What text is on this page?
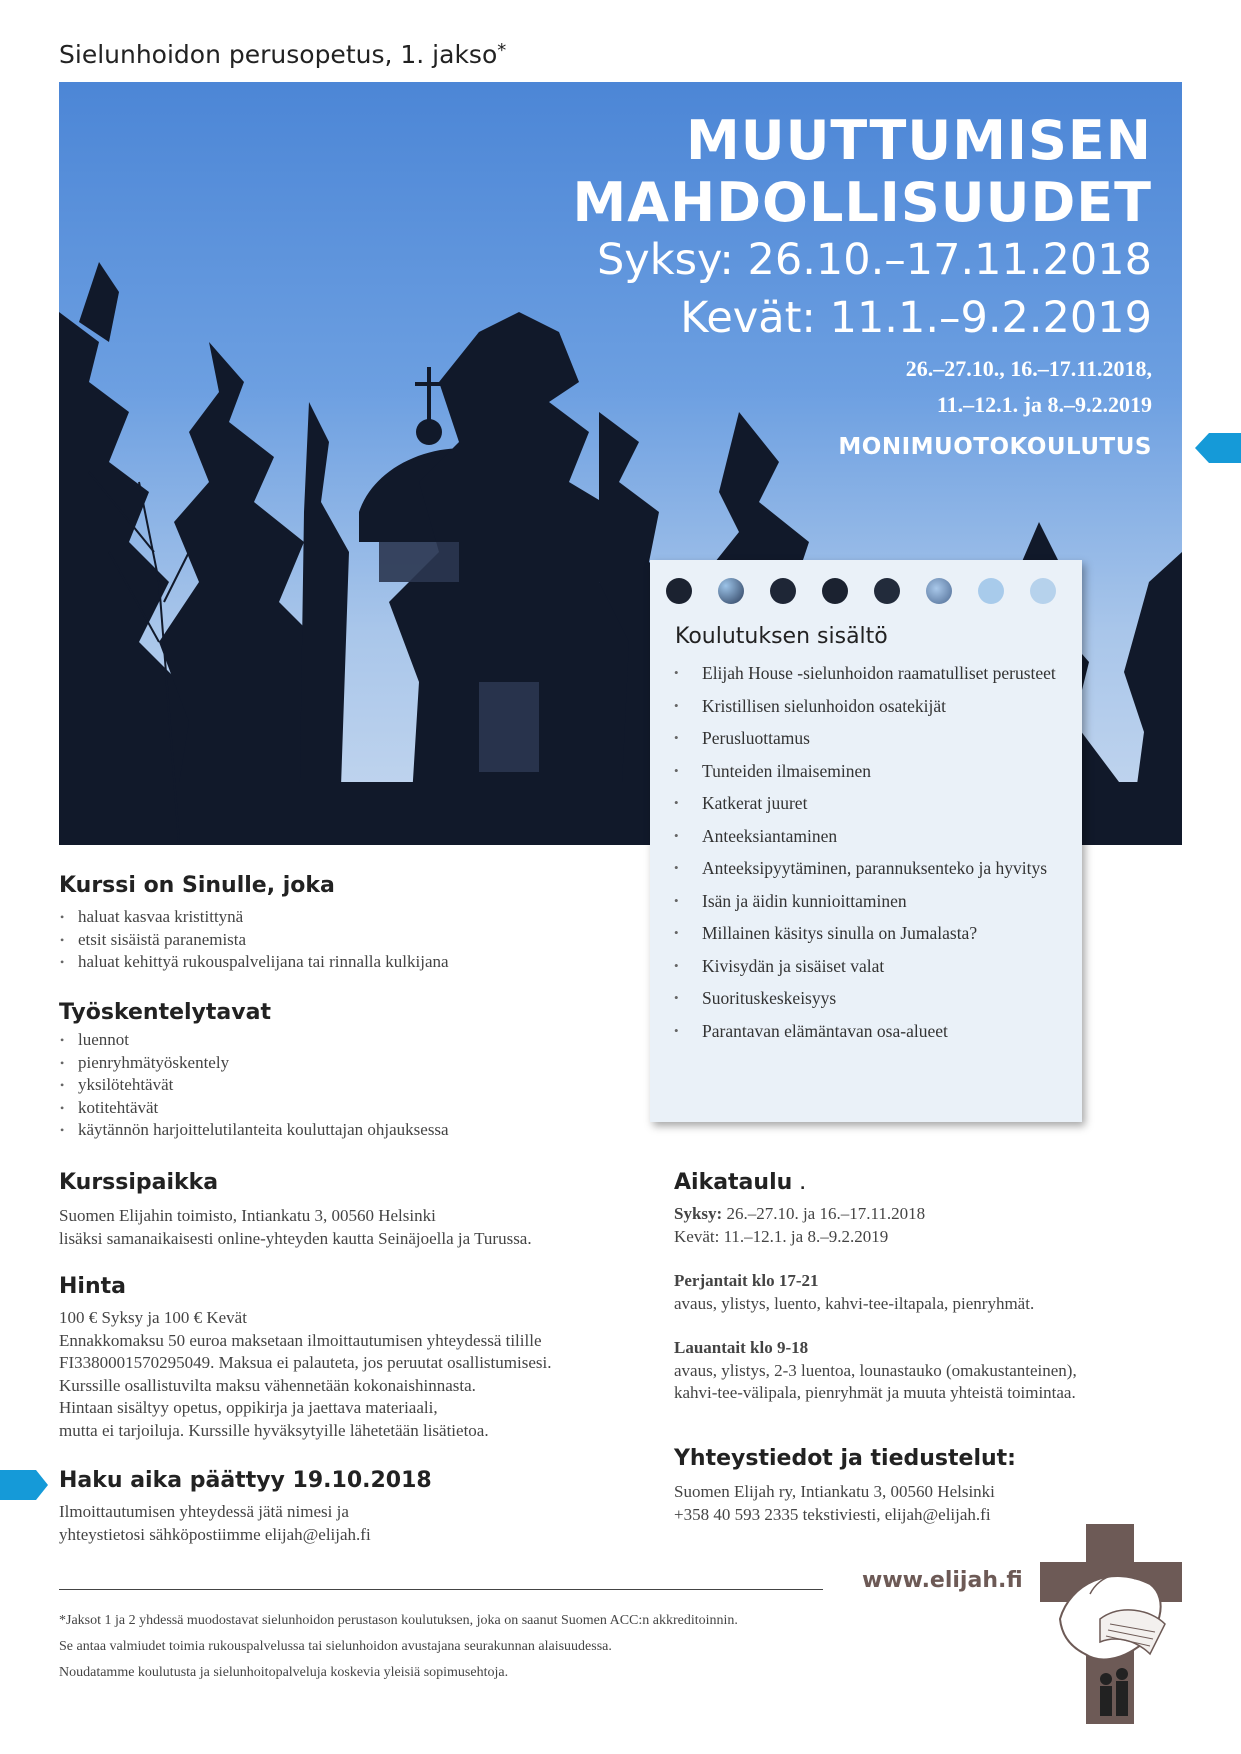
Sielunhoidon perusopetus, 1. jakso*
MUUTTUMISEN
MAHDOLLISUUDET
Syksy: 26.10.–17.11.2018
Kevät: 11.1.–9.2.2019
26.–27.10., 16.–17.11.2018,
11.–12.1. ja 8.–9.2.2019
MONIMUOTOKOULUTUS
Koulutuksen sisältö
• Elijah House -sielunhoidon raamatulliset perusteet
• Kristillisen sielunhoidon osatekijät
• Perusluottamus
• Tunteiden ilmaiseminen
• Katkerat juuret
• Anteeksiantaminen
• Anteeksipyytäminen, parannuksenteko ja hyvitys
• Isän ja äidin kunnioittaminen
• Millainen käsitys sinulla on Jumalasta?
• Kivisydän ja sisäiset valat
• Suorituskeskeisyys
• Parantavan elämäntavan osa-alueet
Kurssi on Sinulle, joka
• haluat kasvaa kristittynä
• etsit sisäistä paranemista
• haluat kehittyä rukouspalvelijana tai rinnalla kulkijana
Työskentelytavat
• luennot
• pienryhmätyöskentely
• yksilötehtävät
• kotitehtävät
• käytännön harjoittelutilanteita kouluttajan ohjauksessa
Kurssipaikka
Suomen Elijahin toimisto, Intiankatu 3, 00560 Helsinki
lisäksi samanaikaisesti online-yhteyden kautta Seinäjoella ja Turussa.
Hinta
100 € Syksy ja 100 € Kevät
Ennakkomaksu 50 euroa maksetaan ilmoittautumisen yhteydessä tilille
FI3380001570295049. Maksua ei palauteta, jos peruutat osallistumisesi.
Kurssille osallistuvilta maksu vähennetään kokonaishinnasta.
Hintaan sisältyy opetus, oppikirja ja jaettava materiaali,
mutta ei tarjoiluja. Kurssille hyväksytyille lähetetään lisätietoa.
Haku aika päättyy 19.10.2018
Ilmoittautumisen yhteydessä jätä nimesi ja
yhteystietosi sähköpostiimme elijah@elijah.fi
Aikataulu .
Syksy: 26.–27.10. ja 16.–17.11.2018
Kevät: 11.–12.1. ja 8.–9.2.2019
Perjantait klo 17-21
avaus, ylistys, luento, kahvi-tee-iltapala, pienryhmät.
Lauantait klo 9-18
avaus, ylistys, 2-3 luentoa, lounastauko (omakustanteinen),
kahvi-tee-välipala, pienryhmät ja muuta yhteistä toimintaa.
Yhteystiedot ja tiedustelut:
Suomen Elijah ry, Intiankatu 3, 00560 Helsinki
+358 40 593 2335 tekstiviesti, elijah@elijah.fi
www.elijah.fi
*Jaksot 1 ja 2 yhdessä muodostavat sielunhoidon perustason koulutuksen, joka on saanut Suomen ACC:n akkreditoinnin.
Se antaa valmiudet toimia rukouspalvelussa tai sielunhoidon avustajana seurakunnan alaisuudessa.
Noudatamme koulutusta ja sielunhoitopalveluja koskevia yleisiä sopimusehtoja.
